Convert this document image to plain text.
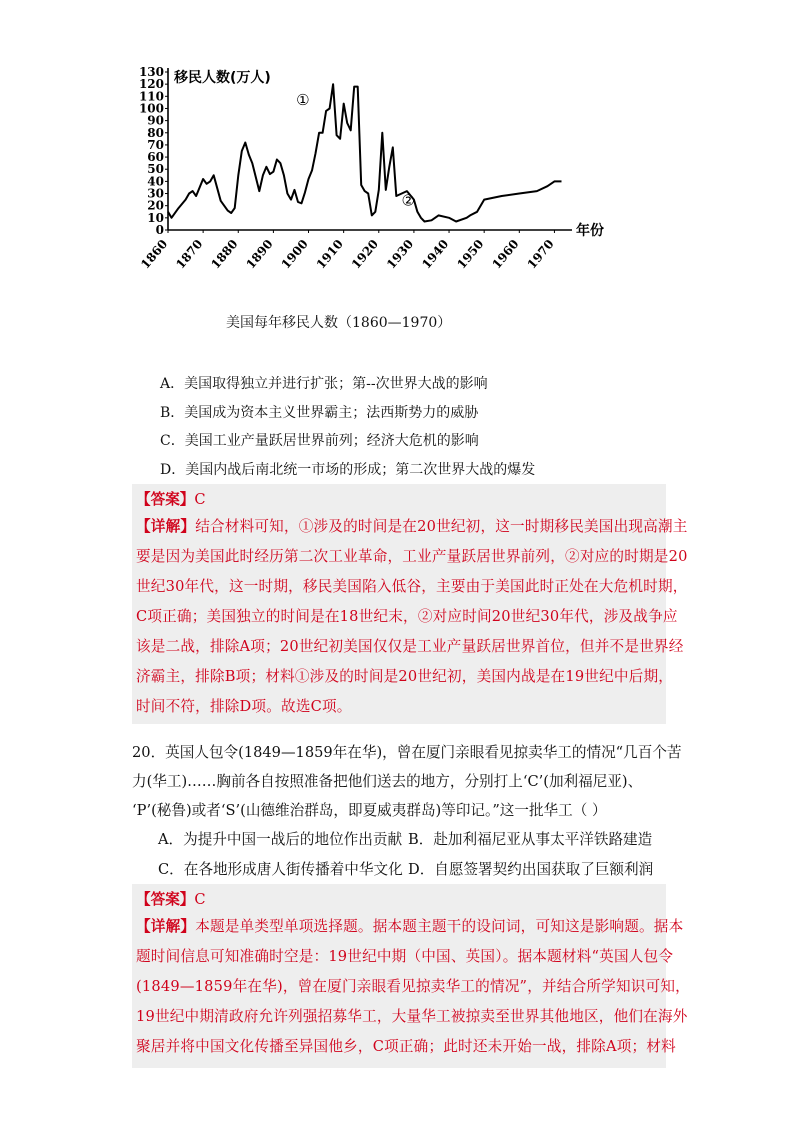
130
120
110
100
90
80
70
60
50
40
30
20
10
0
移民人数(万人)
1860 1870 1880 1890 1900 1910 1920 1930 1940 1950 1960 1970
年份
①
②
美国每年移民人数（1860—1970）
A．美国取得独立并进行扩张；第--次世界大战的影响
B．美国成为资本主义世界霸主；法西斯势力的威胁
C．美国工业产量跃居世界前列；经济大危机的影响
D．美国内战后南北统一市场的形成；第二次世界大战的爆发
【答案】C
【详解】结合材料可知，①涉及的时间是在20世纪初，这一时期移民美国出现高潮主
要是因为美国此时经历第二次工业革命，工业产量跃居世界前列，②对应的时期是20
世纪30年代，这一时期，移民美国陷入低谷，主要由于美国此时正处在大危机时期，
C项正确；美国独立的时间是在18世纪末，②对应时间20世纪30年代，涉及战争应
该是二战，排除A项；20世纪初美国仅仅是工业产量跃居世界首位，但并不是世界经
济霸主，排除B项；材料①涉及的时间是20世纪初，美国内战是在19世纪中后期，
时间不符，排除D项。故选C项。
20．英国人包令(1849—1859年在华)，曾在厦门亲眼看见掠卖华工的情况“几百个苦
力(华工)……胸前各自按照准备把他们送去的地方，分别打上‘C’(加利福尼亚)、
‘P’(秘鲁)或者‘S’(山德维治群岛，即夏威夷群岛)等印记。”这一批华工（ ）
A．为提升中国一战后的地位作出贡献 B．赴加利福尼亚从事太平洋铁路建造
C．在各地形成唐人街传播着中华文化 D．自愿签署契约出国获取了巨额利润
【答案】C
【详解】本题是单类型单项选择题。据本题主题干的设问词，可知这是影响题。据本
题时间信息可知准确时空是：19世纪中期（中国、英国）。据本题材料“英国人包令
(1849—1859年在华)，曾在厦门亲眼看见掠卖华工的情况”，并结合所学知识可知，
19世纪中期清政府允许列强招募华工，大量华工被掠卖至世界其他地区，他们在海外
聚居并将中国文化传播至异国他乡，C项正确；此时还未开始一战，排除A项；材料
